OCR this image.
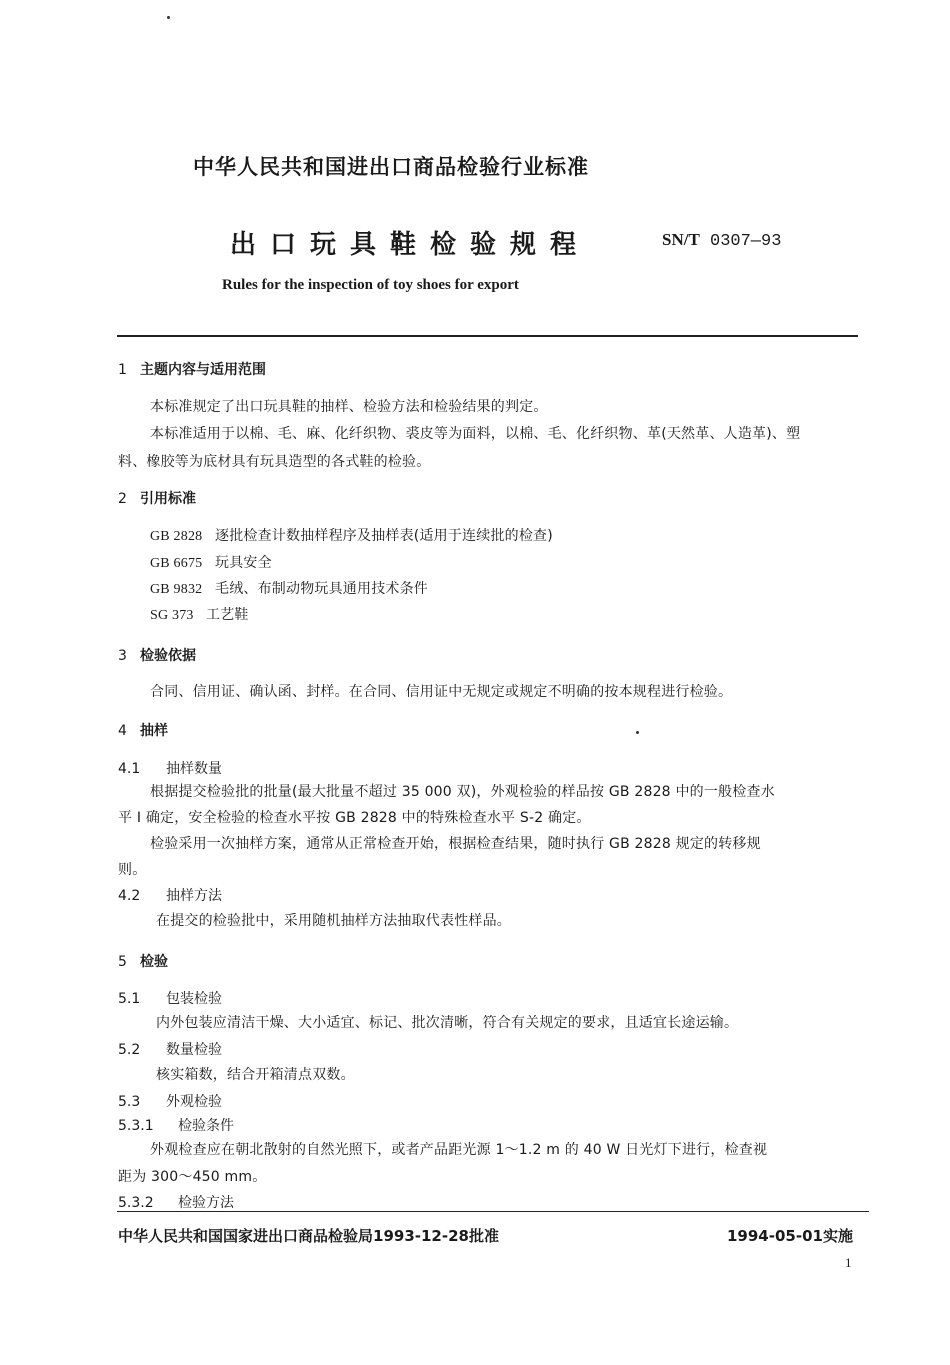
中华人民共和国进出口商品检验行业标准
出口玩具鞋检验规程	SN/T 0307—93
Rules for the inspection of toy shoes for export
1 主题内容与适用范围
本标准规定了出口玩具鞋的抽样、检验方法和检验结果的判定。
本标准适用于以棉、毛、麻、化纤织物、裘皮等为面料，以棉、毛、化纤织物、革(天然革、人造革)、塑
料、橡胶等为底材具有玩具造型的各式鞋的检验。
2 引用标准
GB 2828 逐批检查计数抽样程序及抽样表(适用于连续批的检查)
GB 6675 玩具安全
GB 9832 毛绒、布制动物玩具通用技术条件
SG 373 工艺鞋
3 检验依据
合同、信用证、确认函、封样。在合同、信用证中无规定或规定不明确的按本规程进行检验。
4 抽样
4.1 抽样数量
根据提交检验批的批量(最大批量不超过 35 000 双)，外观检验的样品按 GB 2828 中的一般检查水
平 I 确定，安全检验的检查水平按 GB 2828 中的特殊检查水平 S-2 确定。
检验采用一次抽样方案，通常从正常检查开始，根据检查结果，随时执行 GB 2828 规定的转移规
则。
4.2 抽样方法
在提交的检验批中，采用随机抽样方法抽取代表性样品。
5 检验
5.1 包装检验
内外包装应清洁干燥、大小适宜、标记、批次清晰，符合有关规定的要求，且适宜长途运输。
5.2 数量检验
核实箱数，结合开箱清点双数。
5.3 外观检验
5.3.1 检验条件
外观检查应在朝北散射的自然光照下，或者产品距光源 1～1.2 m 的 40 W 日光灯下进行，检查视
距为 300～450 mm。
5.3.2 检验方法
中华人民共和国国家进出口商品检验局1993-12-28批准	1994-05-01实施
1
